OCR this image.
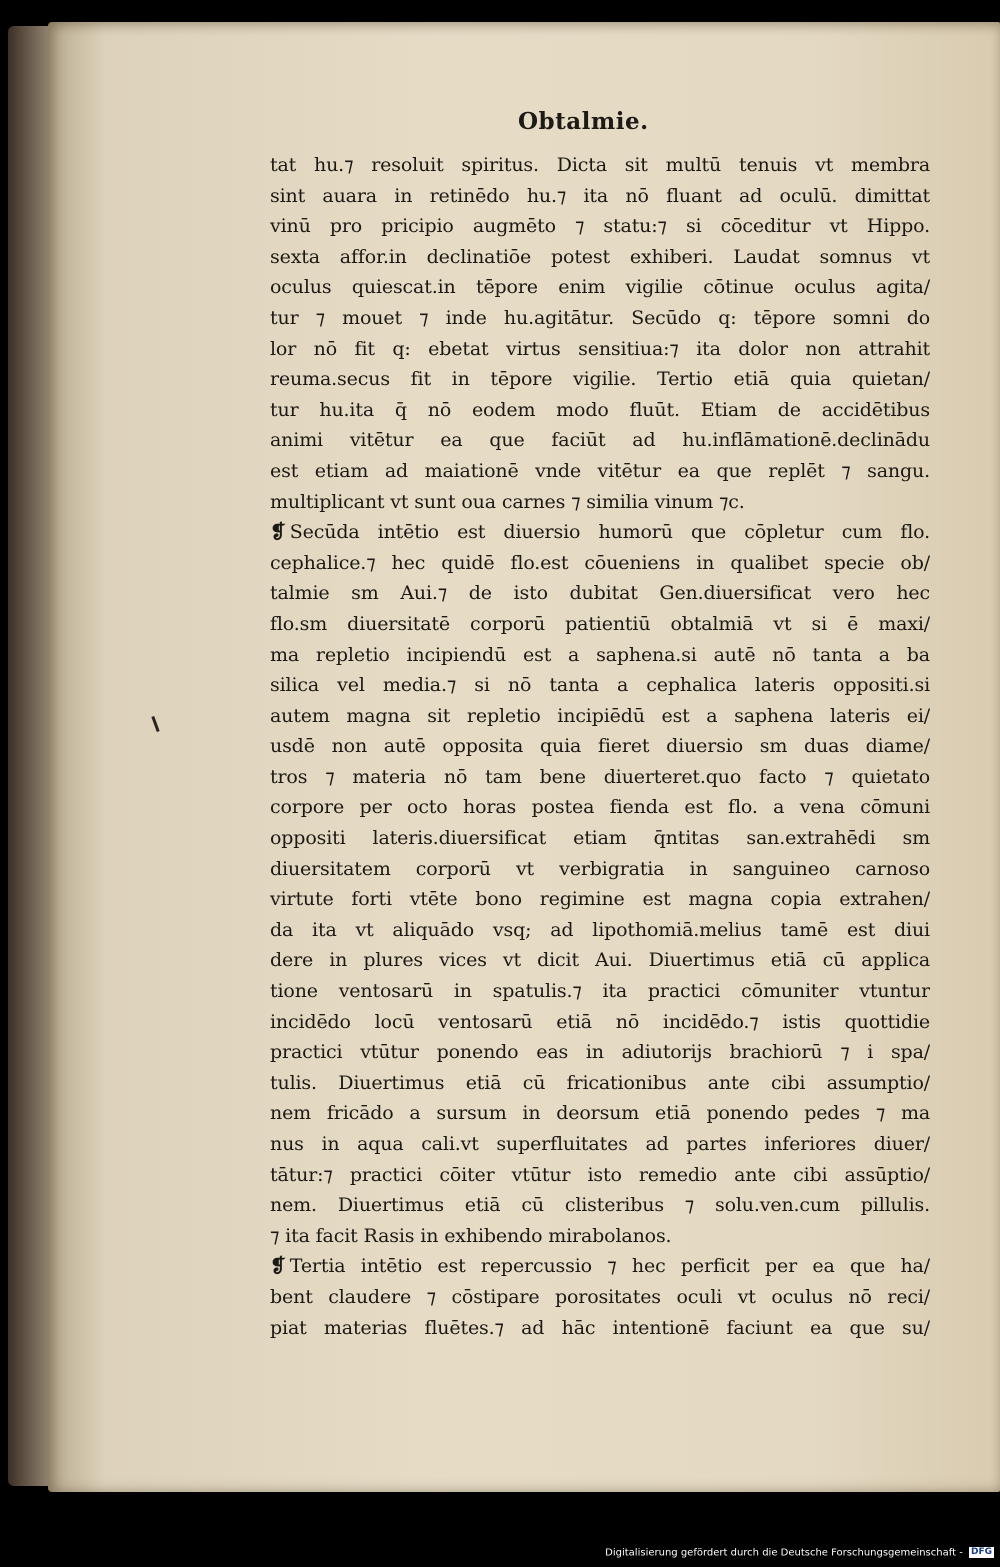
Obtalmie.
tat hu.⁊ resoluit spiritus. Dicta sit multū tenuis vt membra
sint auara in retinēdo hu.⁊ ita nō fluant ad oculū. dimittat
vinū pro pricipio augmēto ⁊ statu:⁊ si cōceditur vt Hippo.
sexta affor.in declinatiōe potest exhiberi. Laudat somnus vt
oculus quiescat.in tēpore enim vigilie cōtinue oculus agita/
tur ⁊ mouet ⁊ inde hu.agitātur. Secūdo q: tēpore somni do
lor nō fit q: ebetat virtus sensitiua:⁊ ita dolor non attrahit
reuma.secus fit in tēpore vigilie. Tertio etiā quia quietan/
tur hu.ita q̄ nō eodem modo fluūt. Etiam de accidētibus
animi vitētur ea que faciūt ad hu.inflāmationē.declinādu
est etiam ad maiationē vnde vitētur ea que replēt ⁊ sangu.
multiplicant vt sunt oua carnes ⁊ similia vinum ⁊c.
❡ Secūda intētio est diuersio humorū que cōpletur cum flo.
cephalice.⁊ hec quidē flo.est cōueniens in qualibet specie ob/
talmie sm Aui.⁊ de isto dubitat Gen.diuersificat vero hec
flo.sm diuersitatē corporū patientiū obtalmiā vt si ē maxi/
ma repletio incipiendū est a saphena.si autē nō tanta a ba
silica vel media.⁊ si nō tanta a cephalica lateris oppositi.si
autem magna sit repletio incipiēdū est a saphena lateris ei/
usdē non autē opposita quia fieret diuersio sm duas diame/
tros ⁊ materia nō tam bene diuerteret.quo facto ⁊ quietato
corpore per octo horas postea fienda est flo. a vena cōmuni
oppositi lateris.diuersificat etiam q̄ntitas san.extrahēdi sm
diuersitatem corporū vt verbigratia in sanguineo carnoso
virtute forti vtēte bono regimine est magna copia extrahen/
da ita vt aliquādo vsq; ad lipothomiā.melius tamē est diui
dere in plures vices vt dicit Aui. Diuertimus etiā cū applica
tione ventosarū in spatulis.⁊ ita practici cōmuniter vtuntur
incidēdo locū ventosarū etiā nō incidēdo.⁊ istis quottidie
practici vtūtur ponendo eas in adiutorijs brachiorū ⁊ i spa/
tulis. Diuertimus etiā cū fricationibus ante cibi assumptio/
nem fricādo a sursum in deorsum etiā ponendo pedes ⁊ ma
nus in aqua cali.vt superfluitates ad partes inferiores diuer/
tātur:⁊ practici cōiter vtūtur isto remedio ante cibi assūptio/
nem. Diuertimus etiā cū clisteribus ⁊ solu.ven.cum pillulis.
⁊ ita facit Rasis in exhibendo mirabolanos.
❡ Tertia intētio est repercussio ⁊ hec perficit per ea que ha/
bent claudere ⁊ cōstipare porositates oculi vt oculus nō reci/
piat materias fluētes.⁊ ad hāc intentionē faciunt ea que su/
Digitalisierung gefördert durch die Deutsche Forschungsgemeinschaft - DFG
